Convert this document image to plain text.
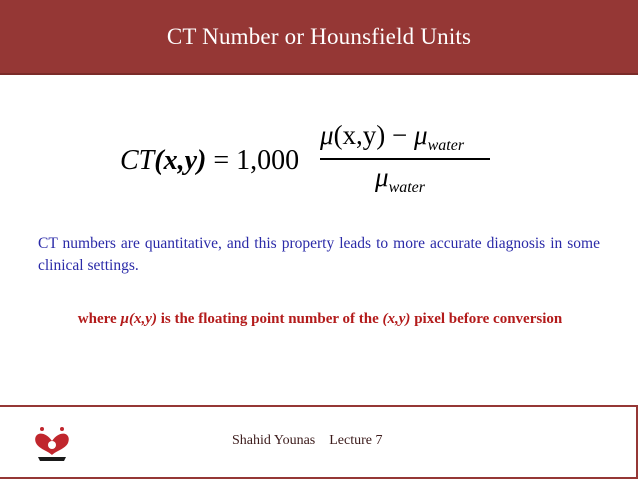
CT Number or Hounsfield Units
CT(x,y) = 1,000
$\mu(x,y) - \mu_{water}$
$\mu_{water}$
CT numbers are quantitative, and this property leads to more accurate diagnosis in some clinical settings.
where µ(x,y) is the floating point number of the (x,y) pixel before conversion
Shahid Younas Lecture 7
